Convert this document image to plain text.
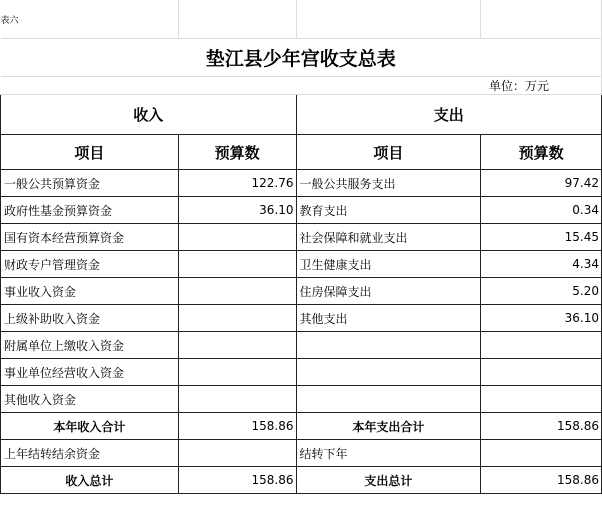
表六			
垫江县少年宫收支总表			
单位：万元			
收入		支出	
项目	预算数	项目	预算数
一般公共预算资金	122.76	一般公共服务支出	97.42
政府性基金预算资金	36.10	教育支出	0.34
国有资本经营预算资金		社会保障和就业支出	15.45
财政专户管理资金		卫生健康支出	4.34
事业收入资金		住房保障支出	5.20
上级补助收入资金		其他支出	36.10
附属单位上缴收入资金			
事业单位经营收入资金			
其他收入资金			
本年收入合计	158.86	本年支出合计	158.86
上年结转结余资金		结转下年	
收入总计	158.86	支出总计	158.86
